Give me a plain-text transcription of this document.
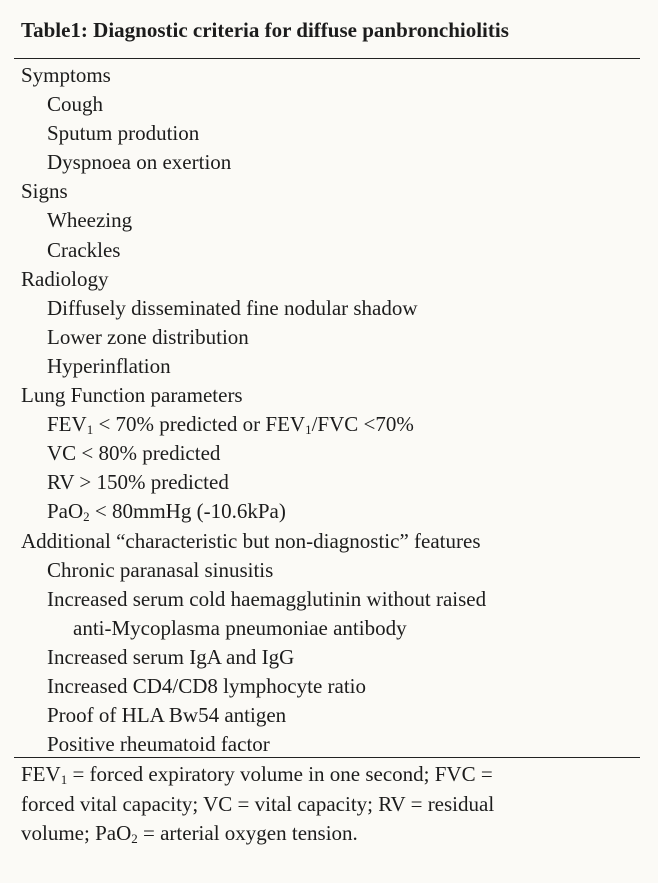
Table1: Diagnostic criteria for diffuse panbronchiolitis
Symptoms
Cough
Sputum prodution
Dyspnoea on exertion
Signs
Wheezing
Crackles
Radiology
Diffusely disseminated fine nodular shadow
Lower zone distribution
Hyperinflation
Lung Function parameters
$FEV_1 < 70\%$ predicted or $FEV_1$/FVC <70%
VC < 80% predicted
RV > 150% predicted
PaO$_2$ < 80mmHg (-10.6kPa)
Additional “characteristic but non-diagnostic” features
Chronic paranasal sinusitis
Increased serum cold haemagglutinin without raised
anti-Mycoplasma pneumoniae antibody
Increased serum IgA and IgG
Increased CD4/CD8 lymphocyte ratio
Proof of HLA Bw54 antigen
Positive rheumatoid factor
$FEV_1$ = forced expiratory volume in one second; FVC =
forced vital capacity; VC = vital capacity; RV = residual
volume; PaO$_2$ = arterial oxygen tension.
